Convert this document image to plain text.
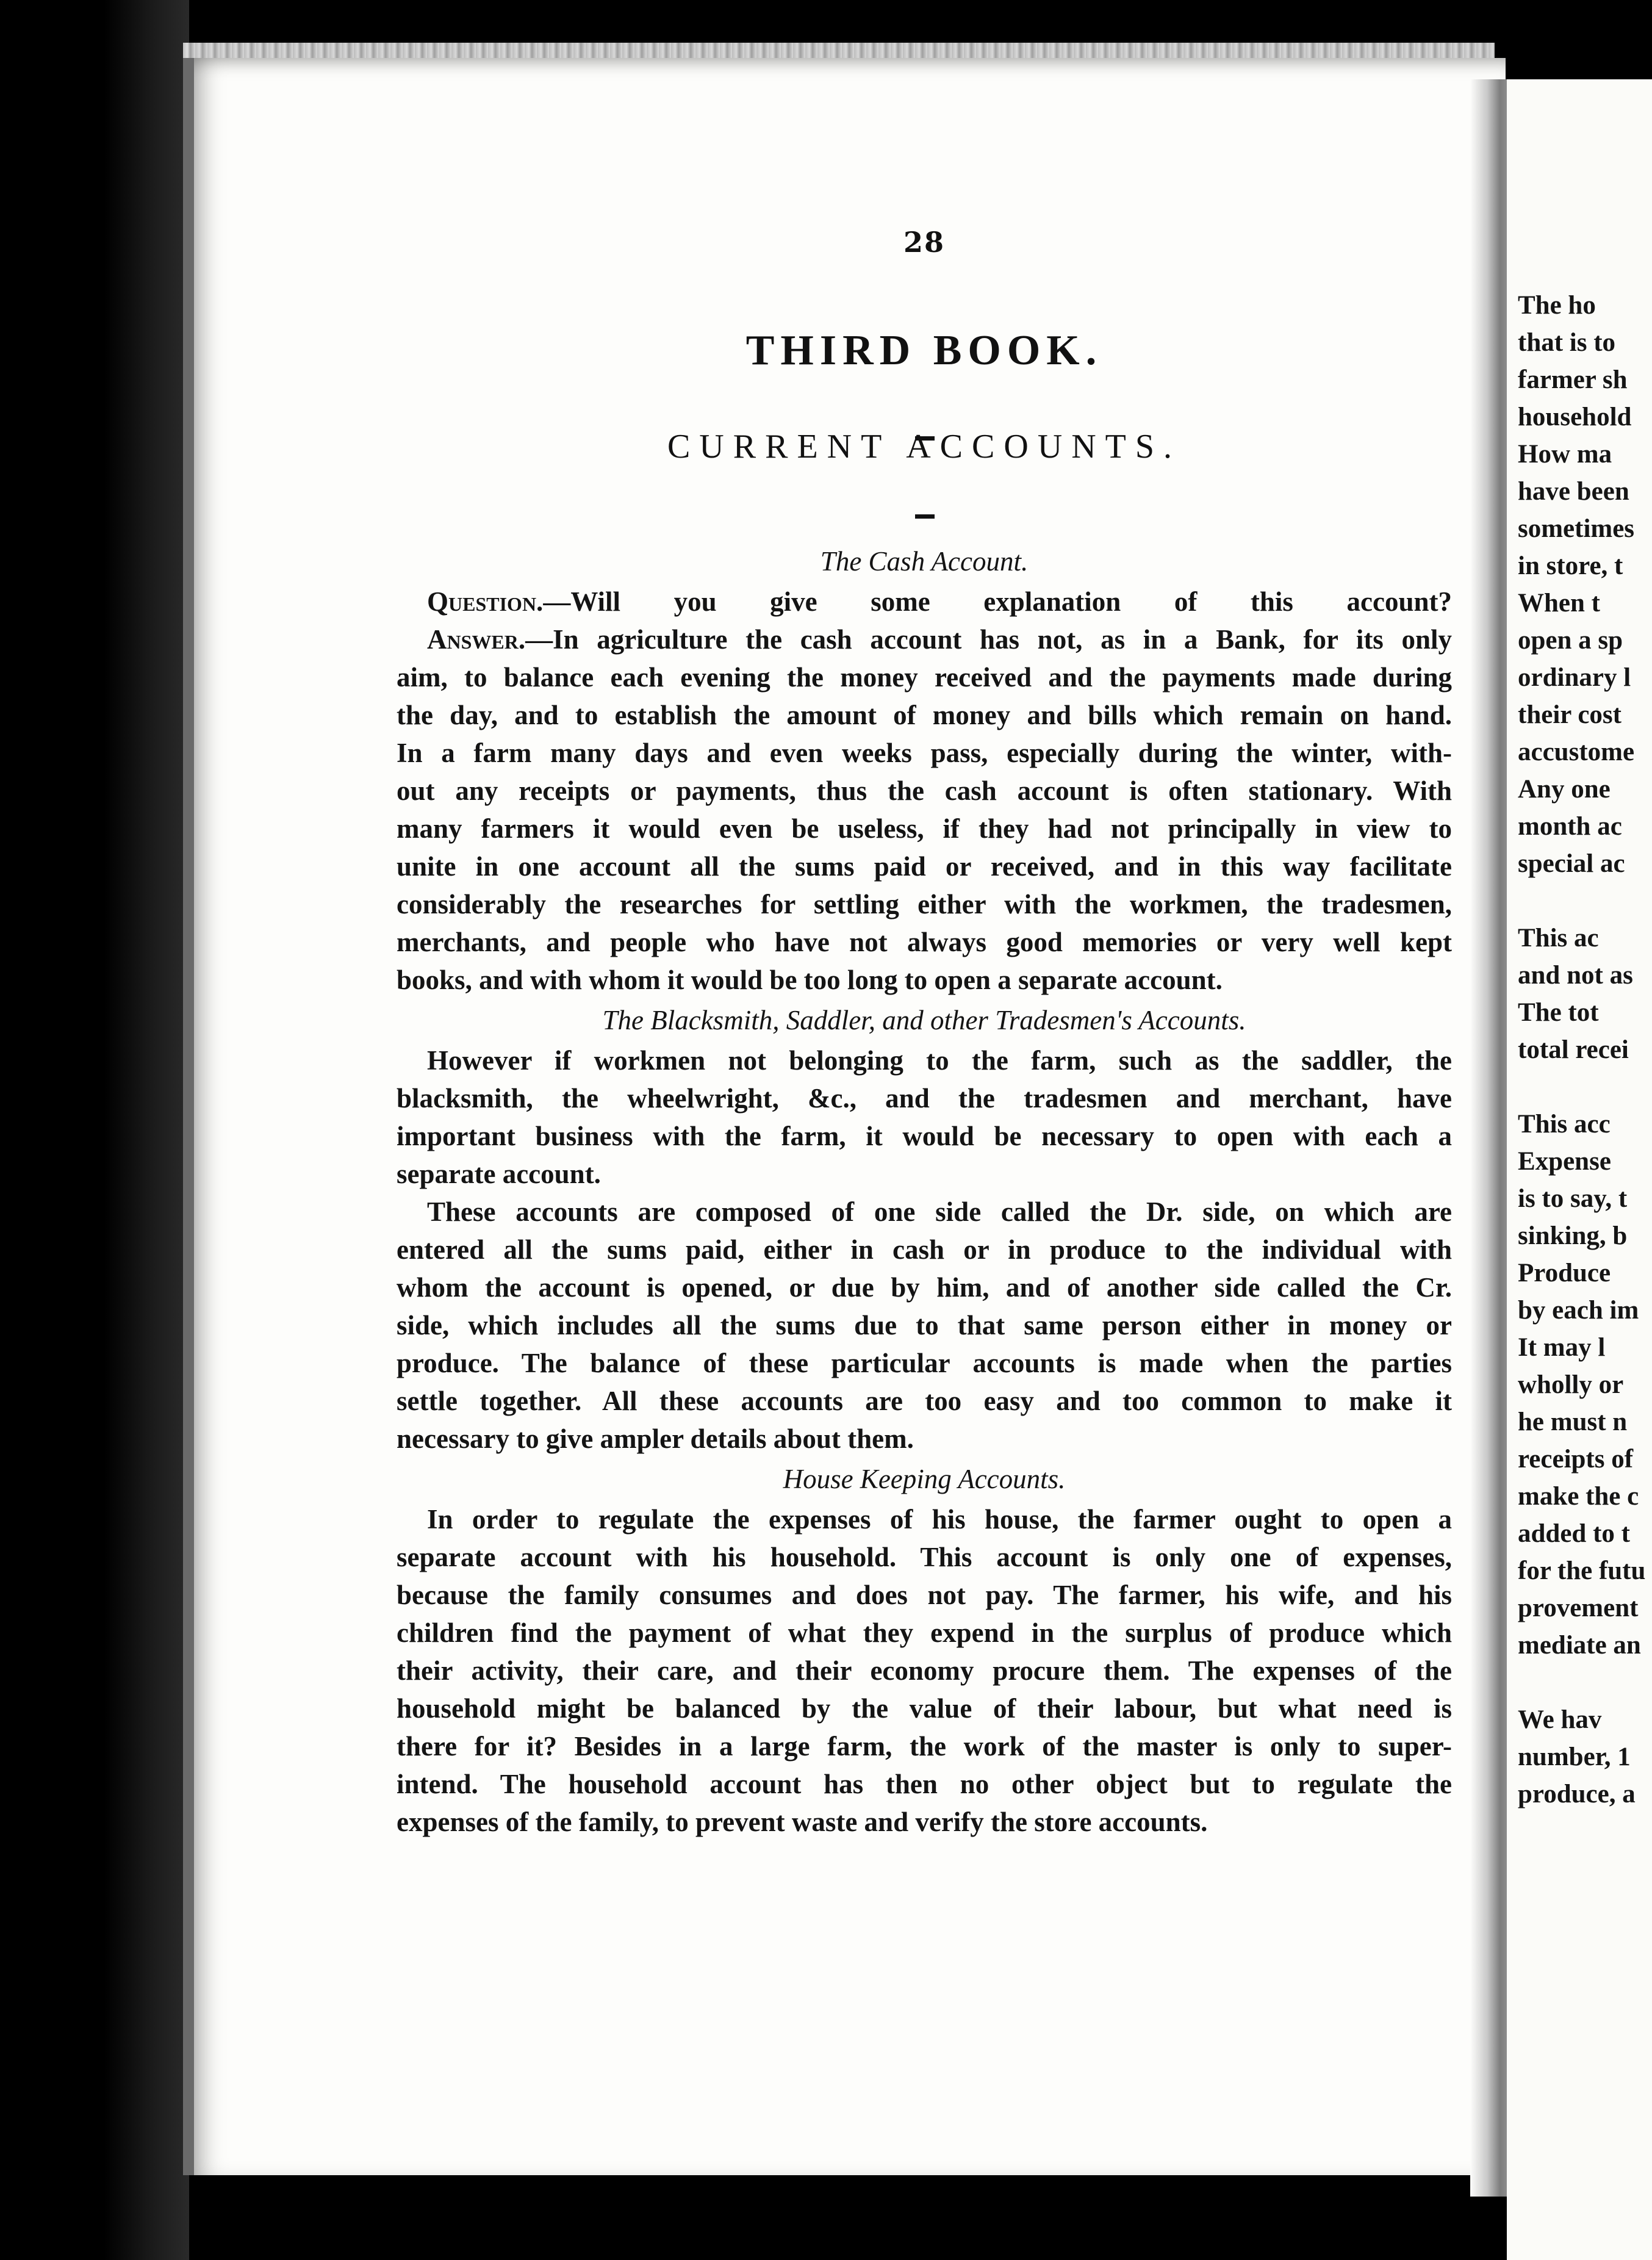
The ho
that is to
farmer sh
household
How ma
have been
sometimes
in store, t
When t
open a sp
ordinary l
their cost
accustome
Any one
month ac
special ac
This ac
and not as
The tot
total recei
This acc
Expense
is to say, t
sinking, b
Produce
by each im
It may l
wholly or
he must n
receipts of
make the c
added to t
for the futu
provement
mediate an
We hav
number, 1
produce, a
28
THIRD BOOK.
CURRENT ACCOUNTS.
The Cash Account.
Question.—Will you give some explanation of this account?
Answer.—In agriculture the cash account has not, as in a Bank, for its only
aim, to balance each evening the money received and the payments made during
the day, and to establish the amount of money and bills which remain on hand.
In a farm many days and even weeks pass, especially during the winter, with-
out any receipts or payments, thus the cash account is often stationary. With
many farmers it would even be useless, if they had not principally in view to
unite in one account all the sums paid or received, and in this way facilitate
considerably the researches for settling either with the workmen, the tradesmen,
merchants, and people who have not always good memories or very well kept
books, and with whom it would be too long to open a separate account.
The Blacksmith, Saddler, and other Tradesmen's Accounts.
However if workmen not belonging to the farm, such as the saddler, the
blacksmith, the wheelwright, &c., and the tradesmen and merchant, have
important business with the farm, it would be necessary to open with each a
separate account.
These accounts are composed of one side called the Dr. side, on which are
entered all the sums paid, either in cash or in produce to the individual with
whom the account is opened, or due by him, and of another side called the Cr.
side, which includes all the sums due to that same person either in money or
produce. The balance of these particular accounts is made when the parties
settle together. All these accounts are too easy and too common to make it
necessary to give ampler details about them.
House Keeping Accounts.
In order to regulate the expenses of his house, the farmer ought to open a
separate account with his household. This account is only one of expenses,
because the family consumes and does not pay. The farmer, his wife, and his
children find the payment of what they expend in the surplus of produce which
their activity, their care, and their economy procure them. The expenses of the
household might be balanced by the value of their labour, but what need is
there for it? Besides in a large farm, the work of the master is only to super-
intend. The household account has then no other object but to regulate the
expenses of the family, to prevent waste and verify the store accounts.
